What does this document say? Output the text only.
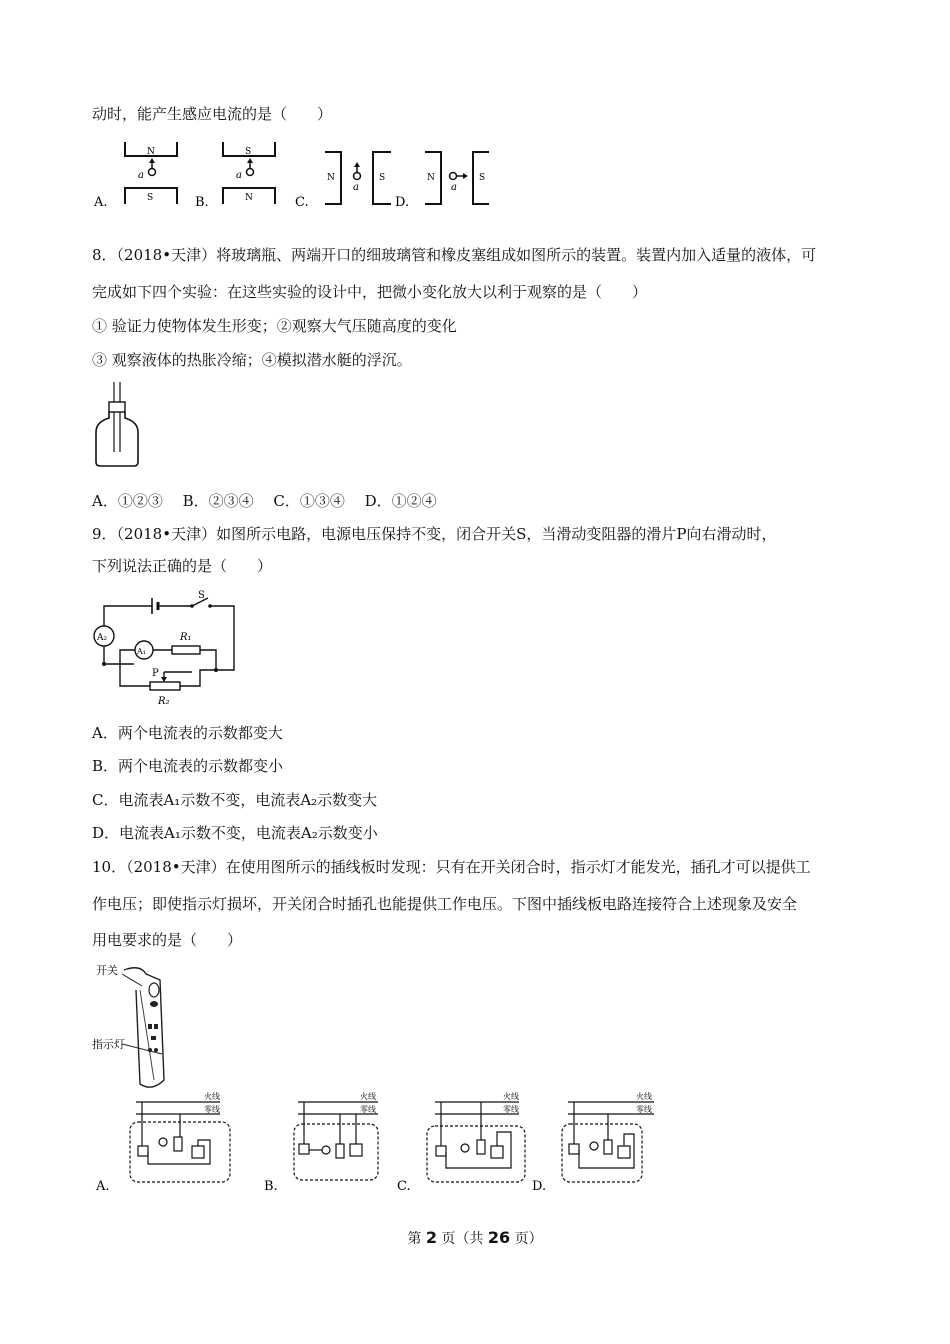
动时，能产生感应电流的是（　　）
N
S
a
A.
S
N
a
B.
N	S
a
C.
N	S
a
D.
8．（2018•天津）将玻璃瓶、两端开口的细玻璃管和橡皮塞组成如图所示的装置。装置内加入适量的液体，可
完成如下四个实验：在这些实验的设计中，把微小变化放大以利于观察的是（　　）
① 验证力使物体发生形变；②观察大气压随高度的变化
③ 观察液体的热胀冷缩；④模拟潜水艇的浮沉。
A．①②③　 B．②③④　 C．①③④　 D．①②④
9．（2018•天津）如图所示电路，电源电压保持不变，闭合开关S，当滑动变阻器的滑片P向右滑动时，
下列说法正确的是（　　）
S
A₂
A₁
R₁
P
R₂
A．两个电流表的示数都变大
B．两个电流表的示数都变小
C．电流表A₁示数不变，电流表A₂示数变大
D．电流表A₁示数不变，电流表A₂示数变小
10．（2018•天津）在使用图所示的插线板时发现：只有在开关闭合时，指示灯才能发光，插孔才可以提供工
作电压；即使指示灯损坏，开关闭合时插孔也能提供工作电压。下图中插线板电路连接符合上述现象及安全
用电要求的是（　　）
开关
指示灯
火线
零线
A.
火线
零线
B.
火线
零线
C.
火线
零线
D.
第 2 页（共 26 页）
